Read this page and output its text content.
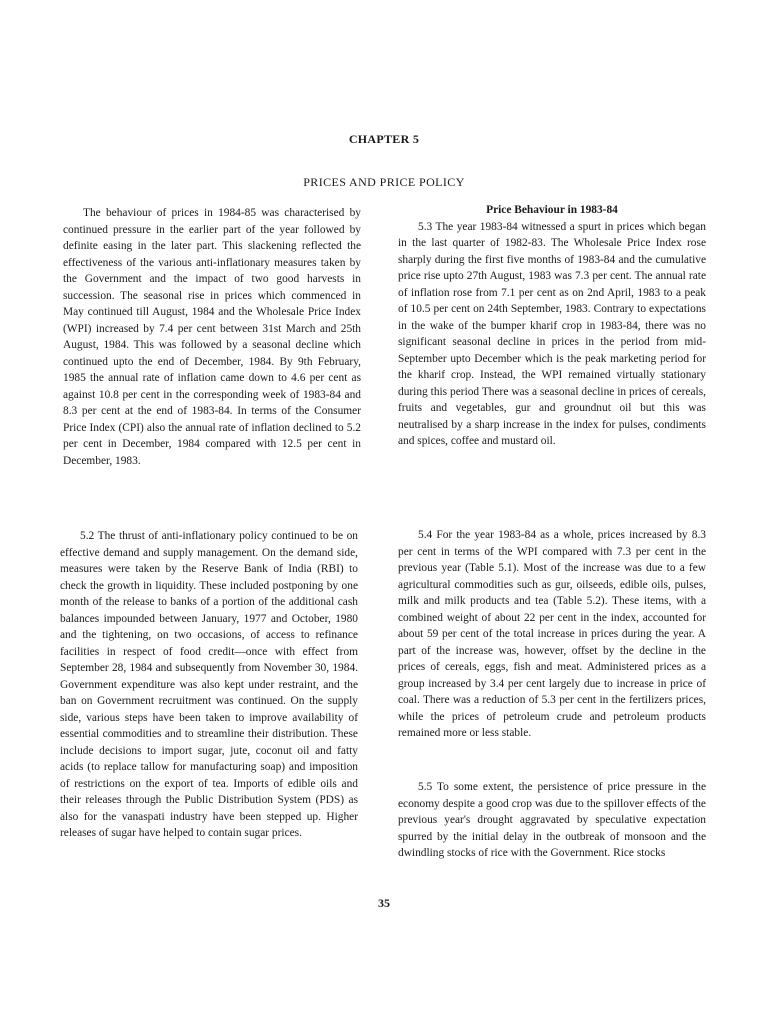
CHAPTER 5
PRICES AND PRICE POLICY

The behaviour of prices in 1984-85 was characterised by continued pressure in the earlier part of the year followed by definite easing in the later part. This slackening reflected the effectiveness of the various anti-inflationary measures taken by the Government and the impact of two good harvests in succession. The seasonal rise in prices which commenced in May continued till August, 1984 and the Wholesale Price Index (WPI) increased by 7.4 per cent between 31st March and 25th August, 1984. This was followed by a seasonal decline which continued upto the end of December, 1984. By 9th February, 1985 the annual rate of inflation came down to 4.6 per cent as against 10.8 per cent in the corresponding week of 1983-84 and 8.3 per cent at the end of 1983-84. In terms of the Consumer Price Index (CPI) also the annual rate of inflation declined to 5.2 per cent in December, 1984 compared with 12.5 per cent in December, 1983.

Price Behaviour in 1983-84

5.3 The year 1983-84 witnessed a spurt in prices which began in the last quarter of 1982-83. The Wholesale Price Index rose sharply during the first five months of 1983-84 and the cumulative price rise upto 27th August, 1983 was 7.3 per cent. The annual rate of inflation rose from 7.1 per cent as on 2nd April, 1983 to a peak of 10.5 per cent on 24th September, 1983. Contrary to expectations in the wake of the bumper kharif crop in 1983-84, there was no significant seasonal decline in prices in the period from mid-September upto December which is the peak marketing period for the kharif crop. Instead, the WPI remained virtually stationary during this period There was a seasonal decline in prices of cereals, fruits and vegetables, gur and groundnut oil but this was neutralised by a sharp increase in the index for pulses, condiments and spices, coffee and mustard oil.

5.2 The thrust of anti-inflationary policy continued to be on effective demand and supply management. On the demand side, measures were taken by the Reserve Bank of India (RBI) to check the growth in liquidity. These included postponing by one month of the release to banks of a portion of the additional cash balances impounded between January, 1977 and October, 1980 and the tightening, on two occasions, of access to refinance facilities in respect of food credit—once with effect from September 28, 1984 and subsequently from November 30, 1984. Government expenditure was also kept under restraint, and the ban on Government recruitment was continued. On the supply side, various steps have been taken to improve availability of essential commodities and to streamline their distribution. These include decisions to import sugar, jute, coconut oil and fatty acids (to replace tallow for manufacturing soap) and imposition of restrictions on the export of tea. Imports of edible oils and their releases through the Public Distribution System (PDS) as also for the vanaspati industry have been stepped up. Higher releases of sugar have helped to contain sugar prices.

5.4 For the year 1983-84 as a whole, prices increased by 8.3 per cent in terms of the WPI compared with 7.3 per cent in the previous year (Table 5.1). Most of the increase was due to a few agricultural commodities such as gur, oilseeds, edible oils, pulses, milk and milk products and tea (Table 5.2). These items, with a combined weight of about 22 per cent in the index, accounted for about 59 per cent of the total increase in prices during the year. A part of the increase was, however, offset by the decline in the prices of cereals, eggs, fish and meat. Administered prices as a group increased by 3.4 per cent largely due to increase in price of coal. There was a reduction of 5.3 per cent in the fertilizers prices, while the prices of petroleum crude and petroleum products remained more or less stable.

5.5 To some extent, the persistence of price pressure in the economy despite a good crop was due to the spillover effects of the previous year's drought aggravated by speculative expectation spurred by the initial delay in the outbreak of monsoon and the dwindling stocks of rice with the Government. Rice stocks

35
